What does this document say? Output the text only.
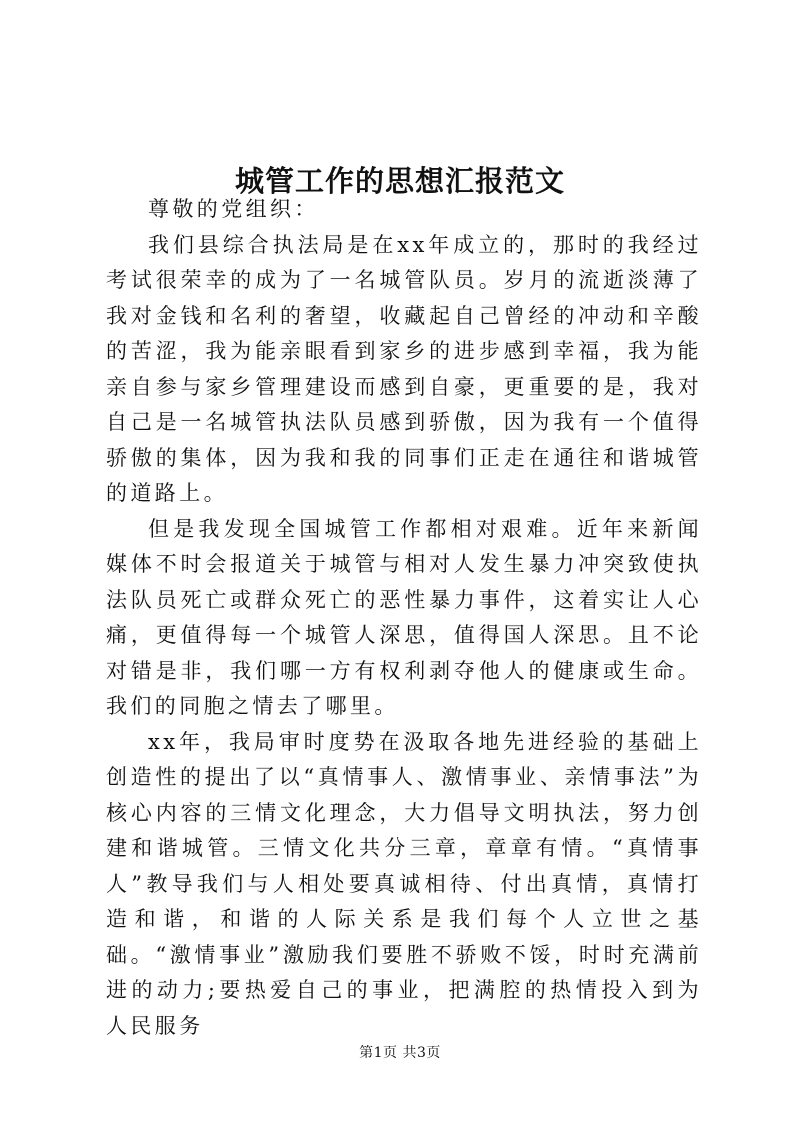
城管工作的思想汇报范文

尊敬的党组织：

我们县综合执法局是在xx年成立的，那时的我经过考试很荣幸的成为了一名城管队员。岁月的流逝淡薄了我对金钱和名利的奢望，收藏起自己曾经的冲动和辛酸的苦涩，我为能亲眼看到家乡的进步感到幸福，我为能亲自参与家乡管理建设而感到自豪，更重要的是，我对自己是一名城管执法队员感到骄傲，因为我有一个值得骄傲的集体，因为我和我的同事们正走在通往和谐城管的道路上。

但是我发现全国城管工作都相对艰难。近年来新闻媒体不时会报道关于城管与相对人发生暴力冲突致使执法队员死亡或群众死亡的恶性暴力事件，这着实让人心痛，更值得每一个城管人深思，值得国人深思。且不论对错是非，我们哪一方有权利剥夺他人的健康或生命。我们的同胞之情去了哪里。

xx年，我局审时度势在汲取各地先进经验的基础上创造性的提出了以“真情事人、激情事业、亲情事法”为核心内容的三情文化理念，大力倡导文明执法，努力创建和谐城管。三情文化共分三章，章章有情。“真情事人”教导我们与人相处要真诚相待、付出真情，真情打造和谐，和谐的人际关系是我们每个人立世之基础。“激情事业”激励我们要胜不骄败不馁，时时充满前进的动力;要热爱自己的事业，把满腔的热情投入到为人民服务

第1页 共3页
